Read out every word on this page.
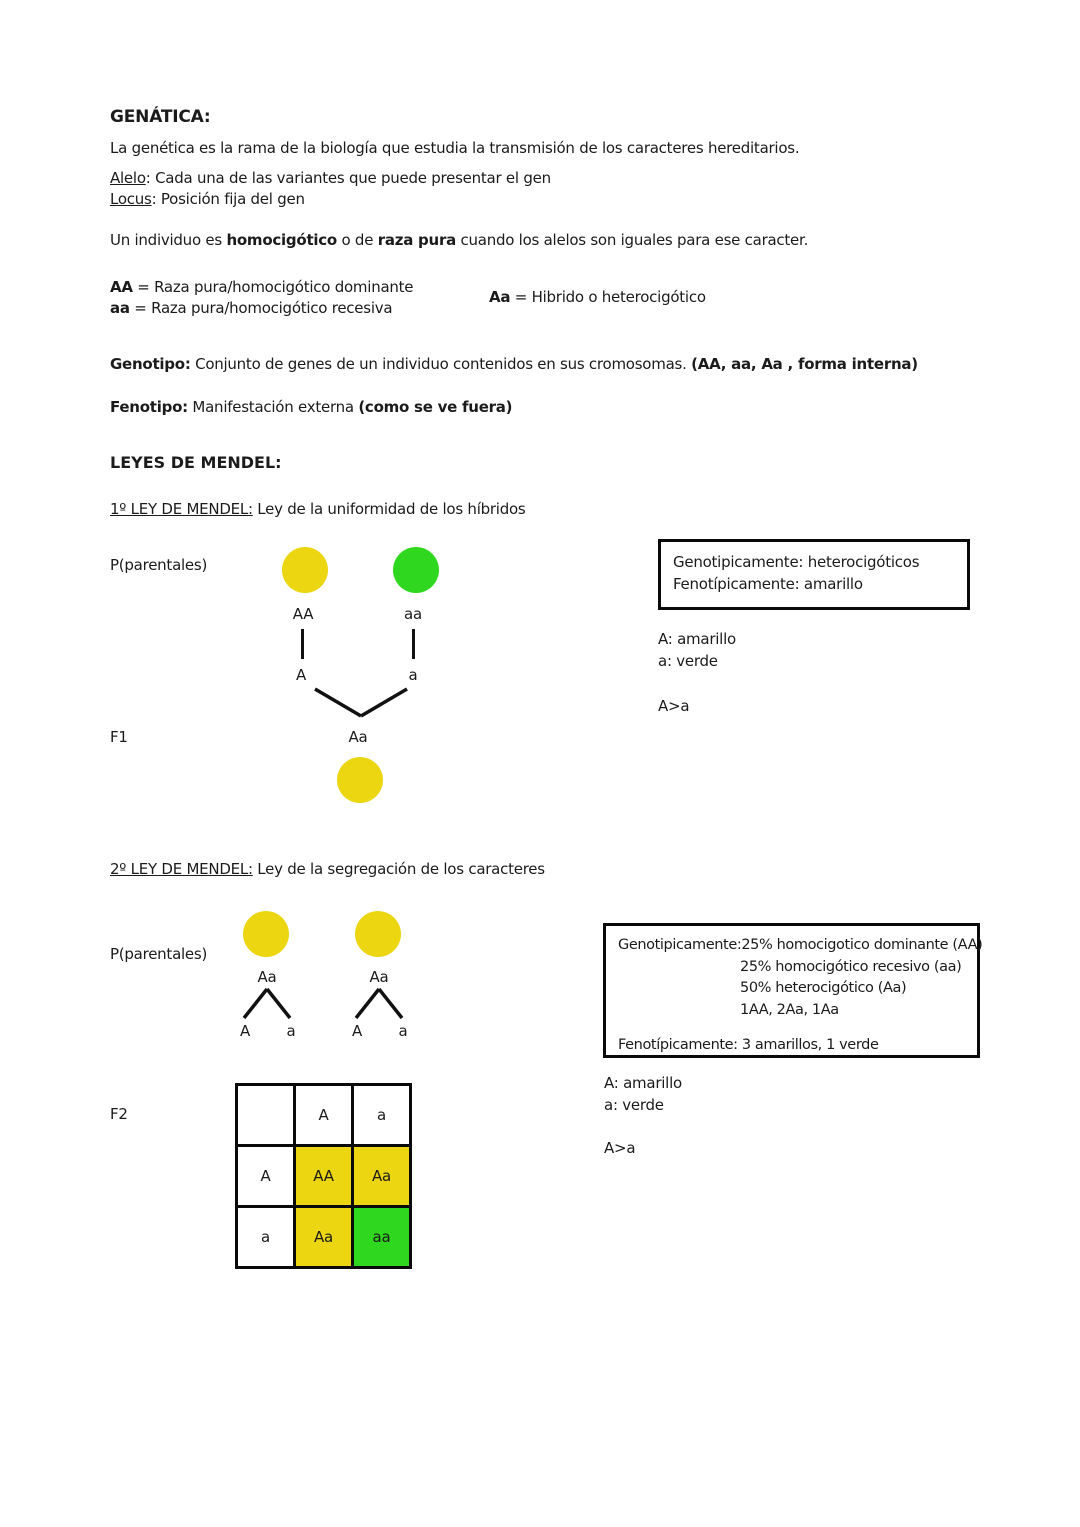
GENÁTICA:
La genética es la rama de la biología que estudia la transmisión de los caracteres hereditarios.
Alelo: Cada una de las variantes que puede presentar el gen
Locus: Posición fija del gen
Un individuo es homocigótico o de raza pura cuando los alelos son iguales para ese caracter.
AA = Raza pura/homocigótico dominante
aa = Raza pura/homocigótico recesiva
Aa = Hibrido o heterocigótico
Genotipo: Conjunto de genes de un individuo contenidos en sus cromosomas. (AA, aa, Aa , forma interna)
Fenotipo: Manifestación externa (como se ve fuera)
LEYES DE MENDEL:
1º LEY DE MENDEL: Ley de la uniformidad de los híbridos
P(parentales)
AA	aa
A	a
F1	Aa
Genotipicamente: heterocigóticos
Fenotípicamente: amarillo
A: amarillo
a: verde
A>a
2º LEY DE MENDEL: Ley de la segregación de los caracteres
P(parentales)
Aa	Aa
A a	A a
F2
		A	a
A	AA	Aa
a	Aa	aa
Genotipicamente: 25% homocigotico dominante (AA)
25% homocigótico recesivo (aa)
50% heterocigótico (Aa)
1AA, 2Aa, 1Aa
Fenotípicamente: 3 amarillos, 1 verde
A: amarillo
a: verde
A>a
